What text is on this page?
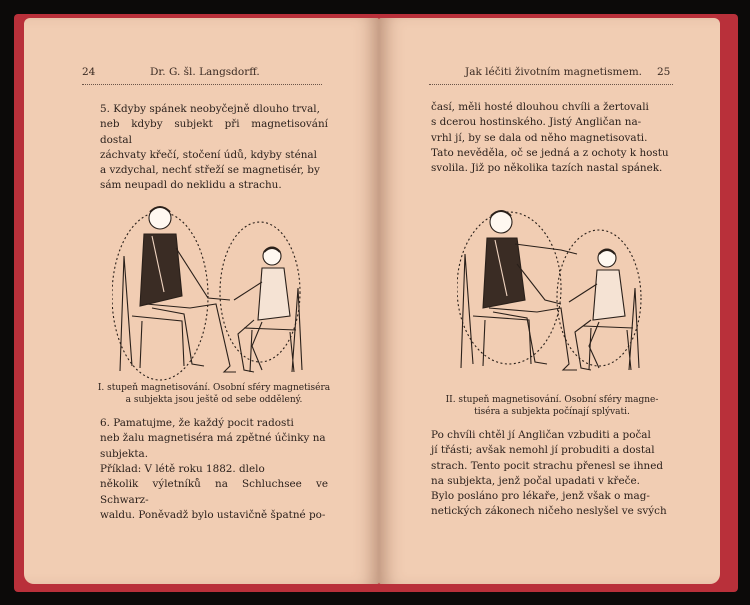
24	Dr. G. šl. Langsdorff.
5. Kdyby spánek neobyčejně dlouho trval,
neb kdyby subjekt při magnetisování dostal
záchvaty křečí, stočení údů, kdyby sténal
a vzdychal, nechť střeží se magnetisér, by
sám neupadl do neklidu a strachu.
I. stupeň magnetisování. Osobní sféry magnetiséra
a subjekta jsou ještě od sebe oddělený.
6. Pamatujme, že každý pocit radosti
neb žalu magnetiséra má zpětné účinky na
subjekta.
Příklad: V létě roku 1882. dlelo
několik výletníků na Schluchsee ve Schwarz-
waldu. Poněvadž bylo ustavičně špatné po-
Jak léčiti životním magnetismem. 25
časí, měli hosté dlouhou chvíli a žertovali
s dcerou hostinského. Jistý Angličan na-
vrhl jí, by se dala od něho magnetisovati.
Tato nevěděla, oč se jedná a z ochoty k hostu
svolila. Již po několika tazích nastal spánek.
II. stupeň magnetisování. Osobní sféry magne-
tiséra a subjekta počínají splývati.
Po chvíli chtěl jí Angličan vzbuditi a počal
jí třásti; avšak nemohl jí probuditi a dostal
strach. Tento pocit strachu přenesl se ihned
na subjekta, jenž počal upadati v křeče.
Bylo posláno pro lékaře, jenž však o mag-
netických zákonech ničeho neslyšel ve svých
